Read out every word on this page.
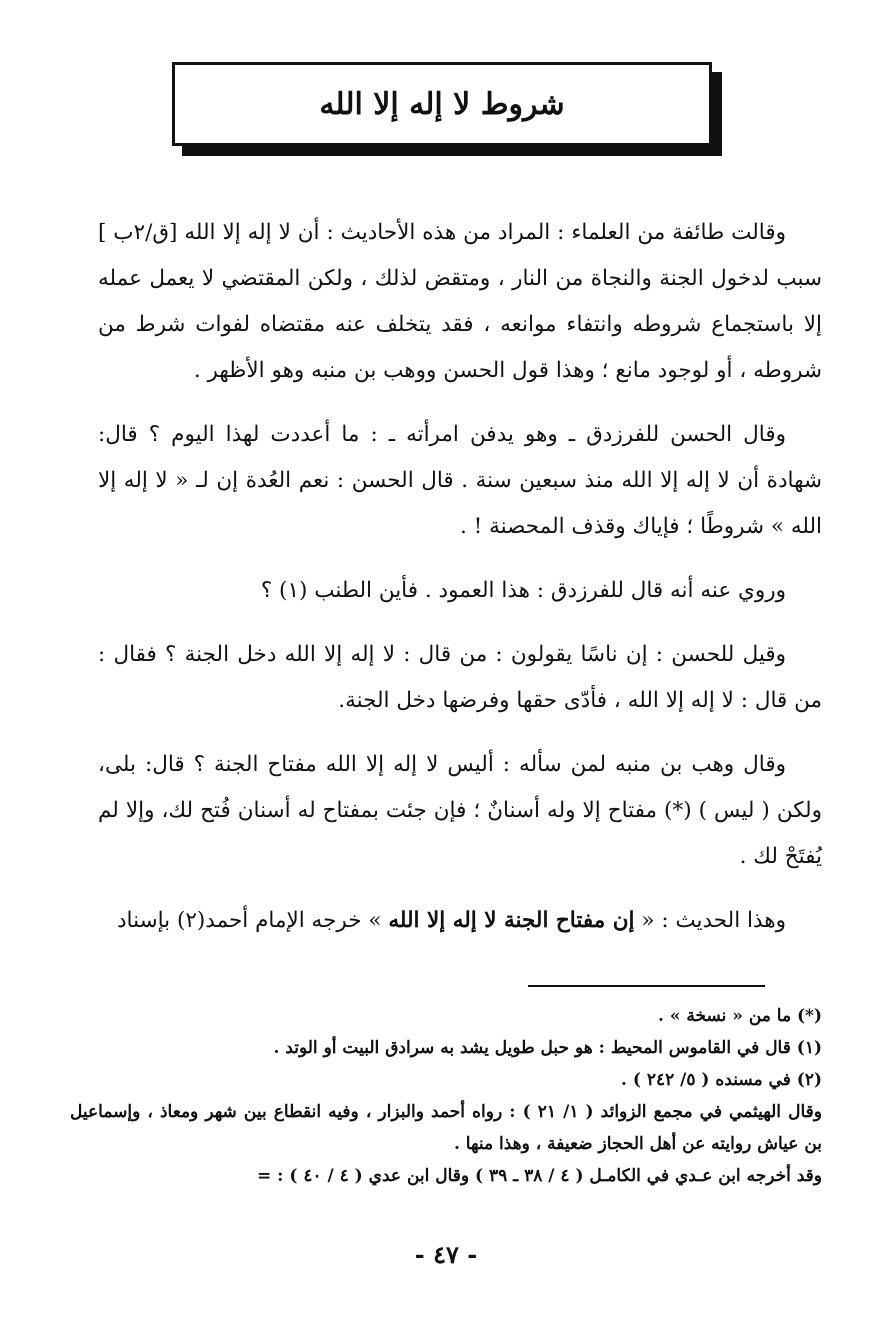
شروط لا إله إلا الله

وقالت طائفة من العلماء : المراد من هذه الأحاديث : أن لا إله إلا الله [ق/٢ب ] سبب لدخول الجنة والنجاة من النار ، ومتقض لذلك ، ولكن المقتضي لا يعمل عمله إلا باستجماع شروطه وانتفاء موانعه ، فقد يتخلف عنه مقتضاه لفوات شرط من شروطه ، أو لوجود مانع ؛ وهذا قول الحسن ووهب بن منبه وهو الأظهر .

وقال الحسن للفرزدق ـ وهو يدفن امرأته ـ : ما أعددت لهذا اليوم ؟ قال: شهادة أن لا إله إلا الله منذ سبعين سنة . قال الحسن : نعم العُدة إن لـ « لا إله إلا الله » شروطًا ؛ فإياك وقذف المحصنة ! .

وروي عنه أنه قال للفرزدق : هذا العمود . فأين الطنب (١) ؟

وقيل للحسن : إن ناسًا يقولون : من قال : لا إله إلا الله دخل الجنة ؟ فقال : من قال : لا إله إلا الله ، فأدّى حقها وفرضها دخل الجنة.

وقال وهب بن منبه لمن سأله : أليس لا إله إلا الله مفتاح الجنة ؟ قال: بلى، ولكن ( ليس ) (*) مفتاح إلا وله أسنانٌ ؛ فإن جئت بمفتاح له أسنان فُتح لك، وإلا لم يُفتَحْ لك .

وهذا الحديث : « إن مفتاح الجنة لا إله إلا الله » خرجه الإمام أحمد(٢) بإسناد

(*) ما من « نسخة » .

(١) قال في القاموس المحيط : هو حبل طويل يشد به سرادق البيت أو الوتد .

(٢) في مسنده ( ٥/ ٢٤٢ ) .

وقال الهيثمي في مجمع الزوائد ( ١/ ٢١ ) : رواه أحمد والبزار ، وفيه انقطاع بين شهر ومعاذ ، وإسماعيل بن عياش روايته عن أهل الحجاز ضعيفة ، وهذا منها .

وقد أخرجه ابن عـدي في الكامـل ( ٤ / ٣٨ ـ ٣٩ ) وقال ابن عدي ( ٤ / ٤٠ ) : =

- ٤٧ -
